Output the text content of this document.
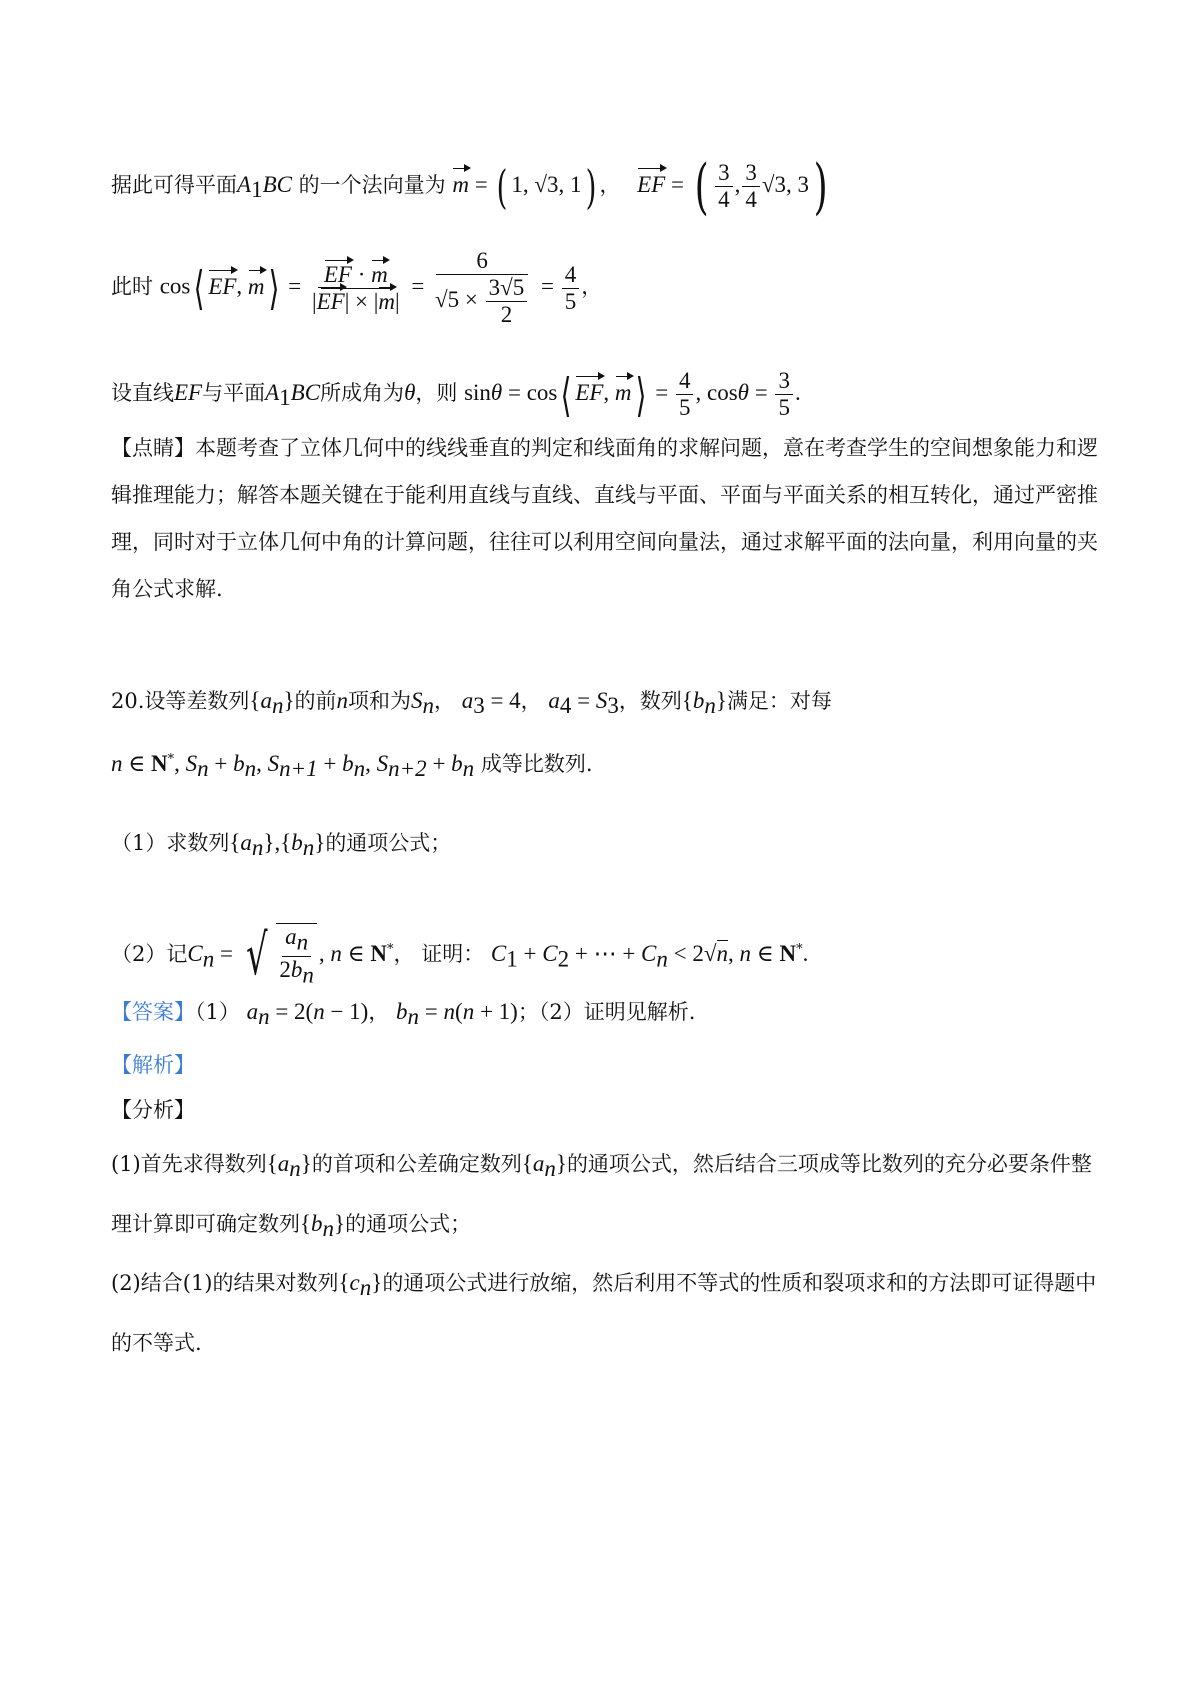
据此可得平面$A_1BC$ 的一个法向量为 m = ( 1, √3, 1) ， EF = ( $\frac{3}{4}$ , $\frac{3}{4} √3$, 3)
此时 cos⟨ EF, m⟩ = $\frac{EF \cdot m}{|EF| \times |m|} = \frac{6}{√5 \times \frac{3√5}{2}} = \frac{4}{5}$ ，
设直线EF与平面$A_1BC$所成角为θ，则 sinθ = cos⟨ EF, m⟩ = $\frac{4}{5}$ , $\cos\theta = \frac{3}{5}$ .
【点睛】本题考查了立体几何中的线线垂直的判定和线面角的求解问题，意在考查学生的空间想象能力和逻辑推理能力；解答本题关键在于能利用直线与直线、直线与平面、平面与平面关系的相互转化，通过严密推理，同时对于立体几何中角的计算问题，往往可以利用空间向量法，通过求解平面的法向量，利用向量的夹角公式求解.
20.设等差数列$\{a_n\}$的前n项和为$S_n$， $a_3 = 4$， $a_4 = S_3$，数列$\{b_n\}$满足：对每
n ∈ N*, $S_n + b_n$, $S_{n+1} + b_n$, $S_{n+2} + b_n$ 成等比数列.
（1）求数列$\{a_n\},\{b_n\}$的通项公式；
（2）记$C_n$ = √ $\frac{a_n}{2b_n}$ , n ∈ N*， 证明： $C_1 + C_2$ + ⋯ + $C_n < 2√n$, n ∈ N*.
【答案】（1） $a_n = 2(n - 1)$， $b_n = n(n + 1)$；（2）证明见解析.
【解析】
【分析】
(1)首先求得数列$\{a_n\}$的首项和公差确定数列$\{a_n\}$的通项公式，然后结合三项成等比数列的充分必要条件整
理计算即可确定数列$\{b_n\}$的通项公式；
(2)结合(1)的结果对数列$\{c_n\}$的通项公式进行放缩，然后利用不等式的性质和裂项求和的方法即可证得题中
的不等式.
